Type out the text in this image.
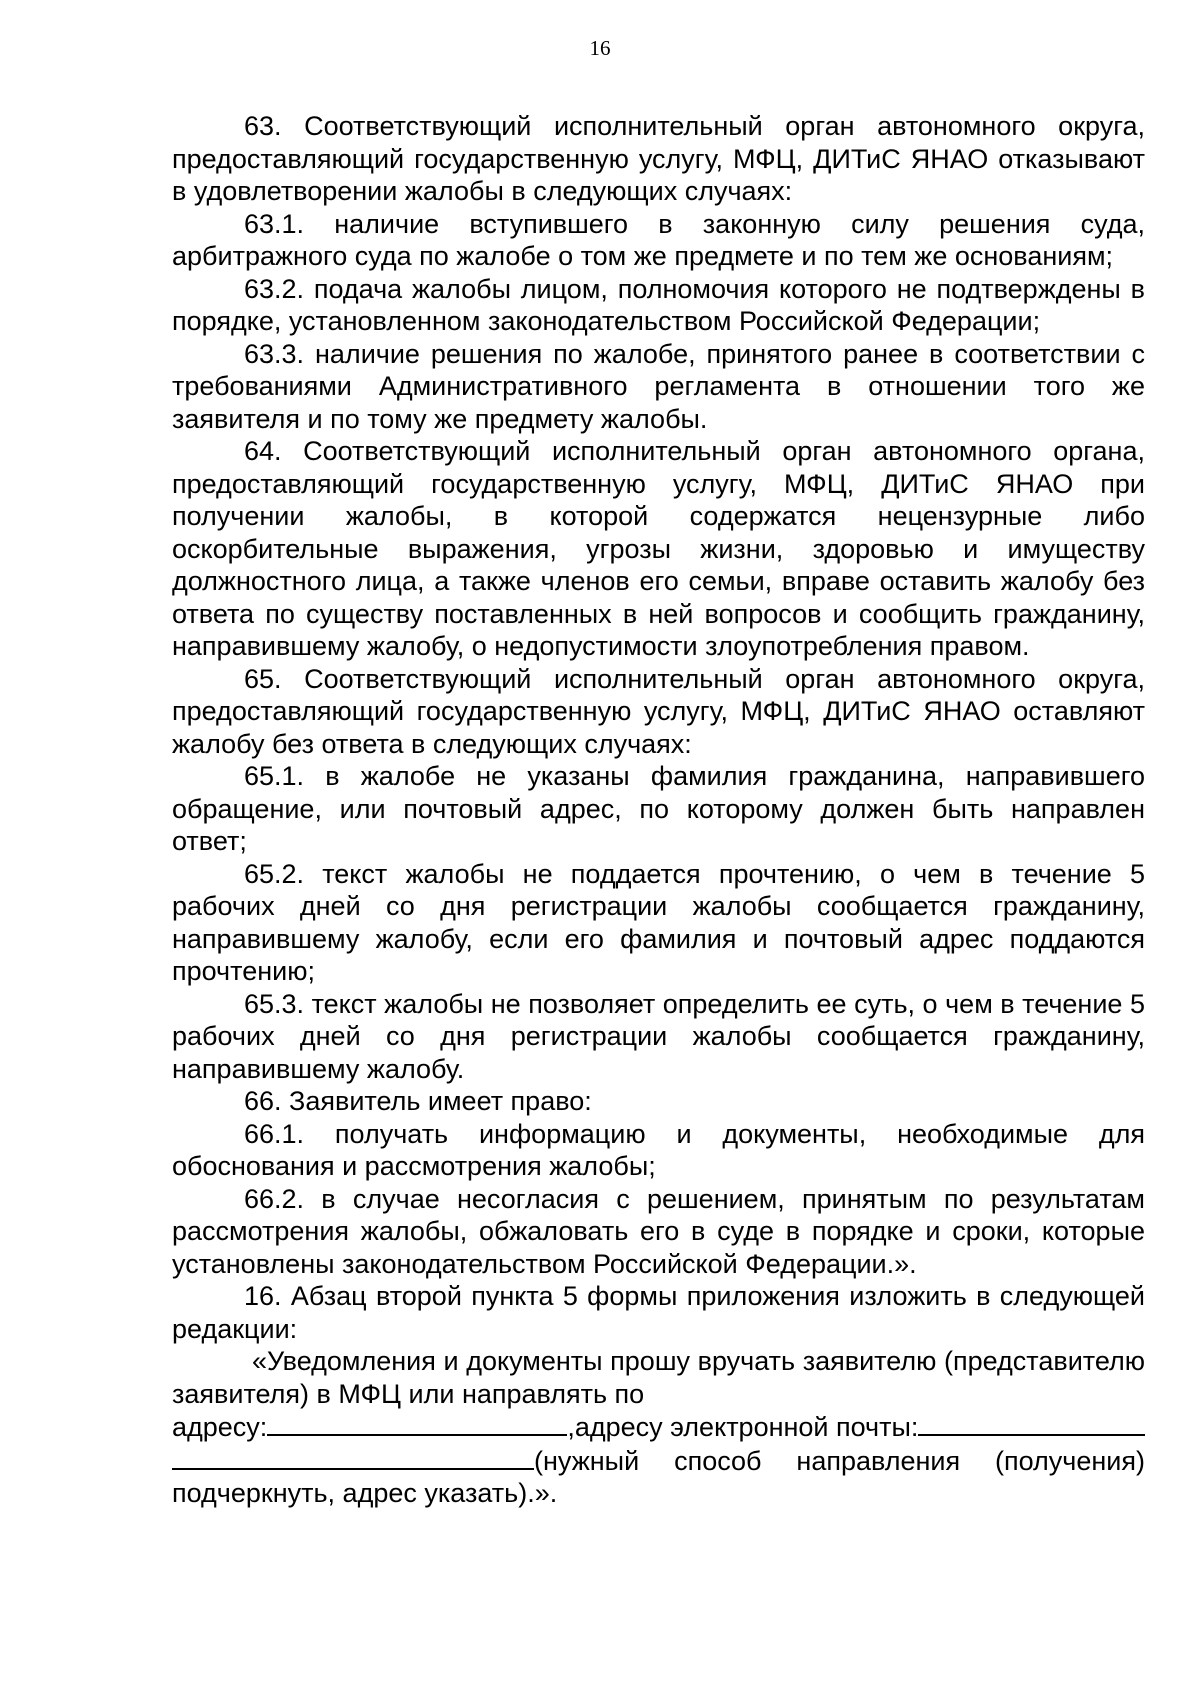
16

63. Соответствующий исполнительный орган автономного округа, предоставляющий государственную услугу, МФЦ, ДИТиС ЯНАО отказывают в удовлетворении жалобы в следующих случаях:

63.1. наличие вступившего в законную силу решения суда, арбитражного суда по жалобе о том же предмете и по тем же основаниям;

63.2. подача жалобы лицом, полномочия которого не подтверждены в порядке, установленном законодательством Российской Федерации;

63.3. наличие решения по жалобе, принятого ранее в соответствии с требованиями Административного регламента в отношении того же заявителя и по тому же предмету жалобы.

64. Соответствующий исполнительный орган автономного органа, предоставляющий государственную услугу, МФЦ, ДИТиС ЯНАО при получении жалобы, в которой содержатся нецензурные либо оскорбительные выражения, угрозы жизни, здоровью и имуществу должностного лица, а также членов его семьи, вправе оставить жалобу без ответа по существу поставленных в ней вопросов и сообщить гражданину, направившему жалобу, о недопустимости злоупотребления правом.

65. Соответствующий исполнительный орган автономного округа, предоставляющий государственную услугу, МФЦ, ДИТиС ЯНАО оставляют жалобу без ответа в следующих случаях:

65.1. в жалобе не указаны фамилия гражданина, направившего обращение, или почтовый адрес, по которому должен быть направлен ответ;

65.2. текст жалобы не поддается прочтению, о чем в течение 5 рабочих дней со дня регистрации жалобы сообщается гражданину, направившему жалобу, если его фамилия и почтовый адрес поддаются прочтению;

65.3. текст жалобы не позволяет определить ее суть, о чем в течение 5 рабочих дней со дня регистрации жалобы сообщается гражданину, направившему жалобу.

66. Заявитель имеет право:

66.1. получать информацию и документы, необходимые для обоснования и рассмотрения жалобы;

66.2. в случае несогласия с решением, принятым по результатам рассмотрения жалобы, обжаловать его в суде в порядке и сроки, которые установлены законодательством Российской Федерации.».

16. Абзац второй пункта 5 формы приложения изложить в следующей редакции:

«Уведомления и документы прошу вручать заявителю (представителю заявителя) в МФЦ или направлять по

адресу:	,адресу электронной почты:
(нужный способ направления (получения)

подчеркнуть, адрес указать).».
